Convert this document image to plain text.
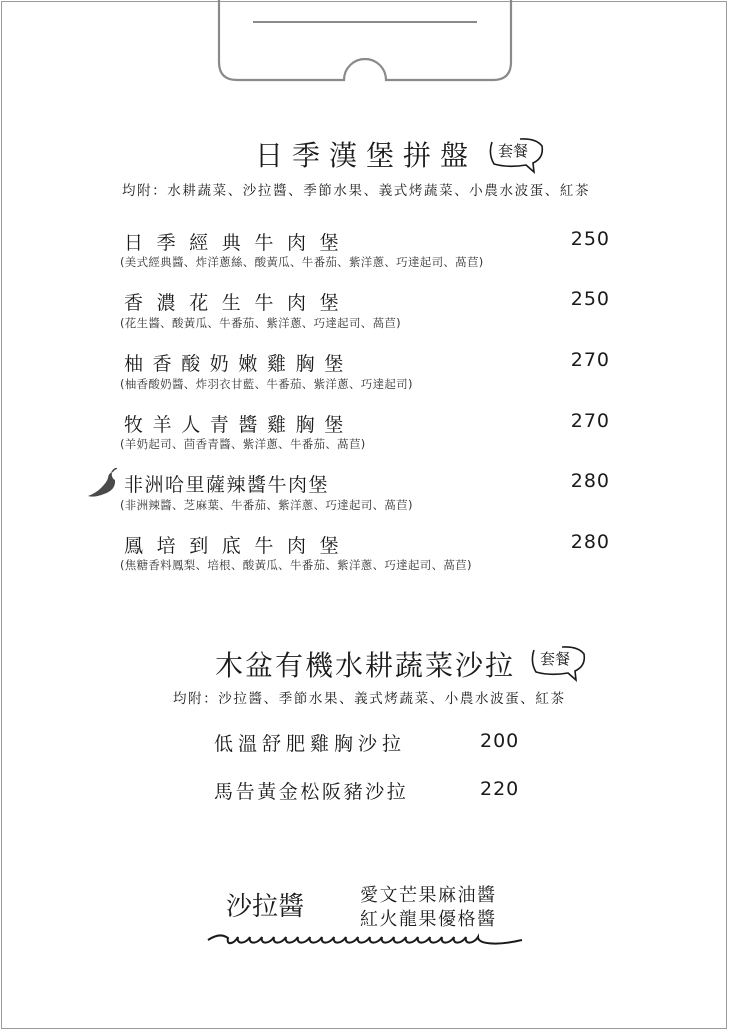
日季漢堡拼盤 套餐
均附：水耕蔬菜、沙拉醬、季節水果、義式烤蔬菜、小農水波蛋、紅茶
日季經典牛肉堡
(美式經典醬、炸洋蔥絲、酸黃瓜、牛番茄、紫洋蔥、巧達起司、萵苣)
250
香濃花生牛肉堡
(花生醬、酸黃瓜、牛番茄、紫洋蔥、巧達起司、萵苣)
250
柚香酸奶嫩雞胸堡
(柚香酸奶醬、炸羽衣甘藍、牛番茄、紫洋蔥、巧達起司)
270
牧羊人青醬雞胸堡
(羊奶起司、茴香青醬、紫洋蔥、牛番茄、萵苣)
270
非洲哈里薩辣醬牛肉堡
(非洲辣醬、芝麻葉、牛番茄、紫洋蔥、巧達起司、萵苣)
280
鳳培到底牛肉堡
(焦糖香料鳳梨、培根、酸黃瓜、牛番茄、紫洋蔥、巧達起司、萵苣)
280
木盆有機水耕蔬菜沙拉 套餐
均附：沙拉醬、季節水果、義式烤蔬菜、小農水波蛋、紅茶
低溫舒肥雞胸沙拉	200
馬告黃金松阪豬沙拉	220
沙拉醬	愛文芒果麻油醬
紅火龍果優格醬
